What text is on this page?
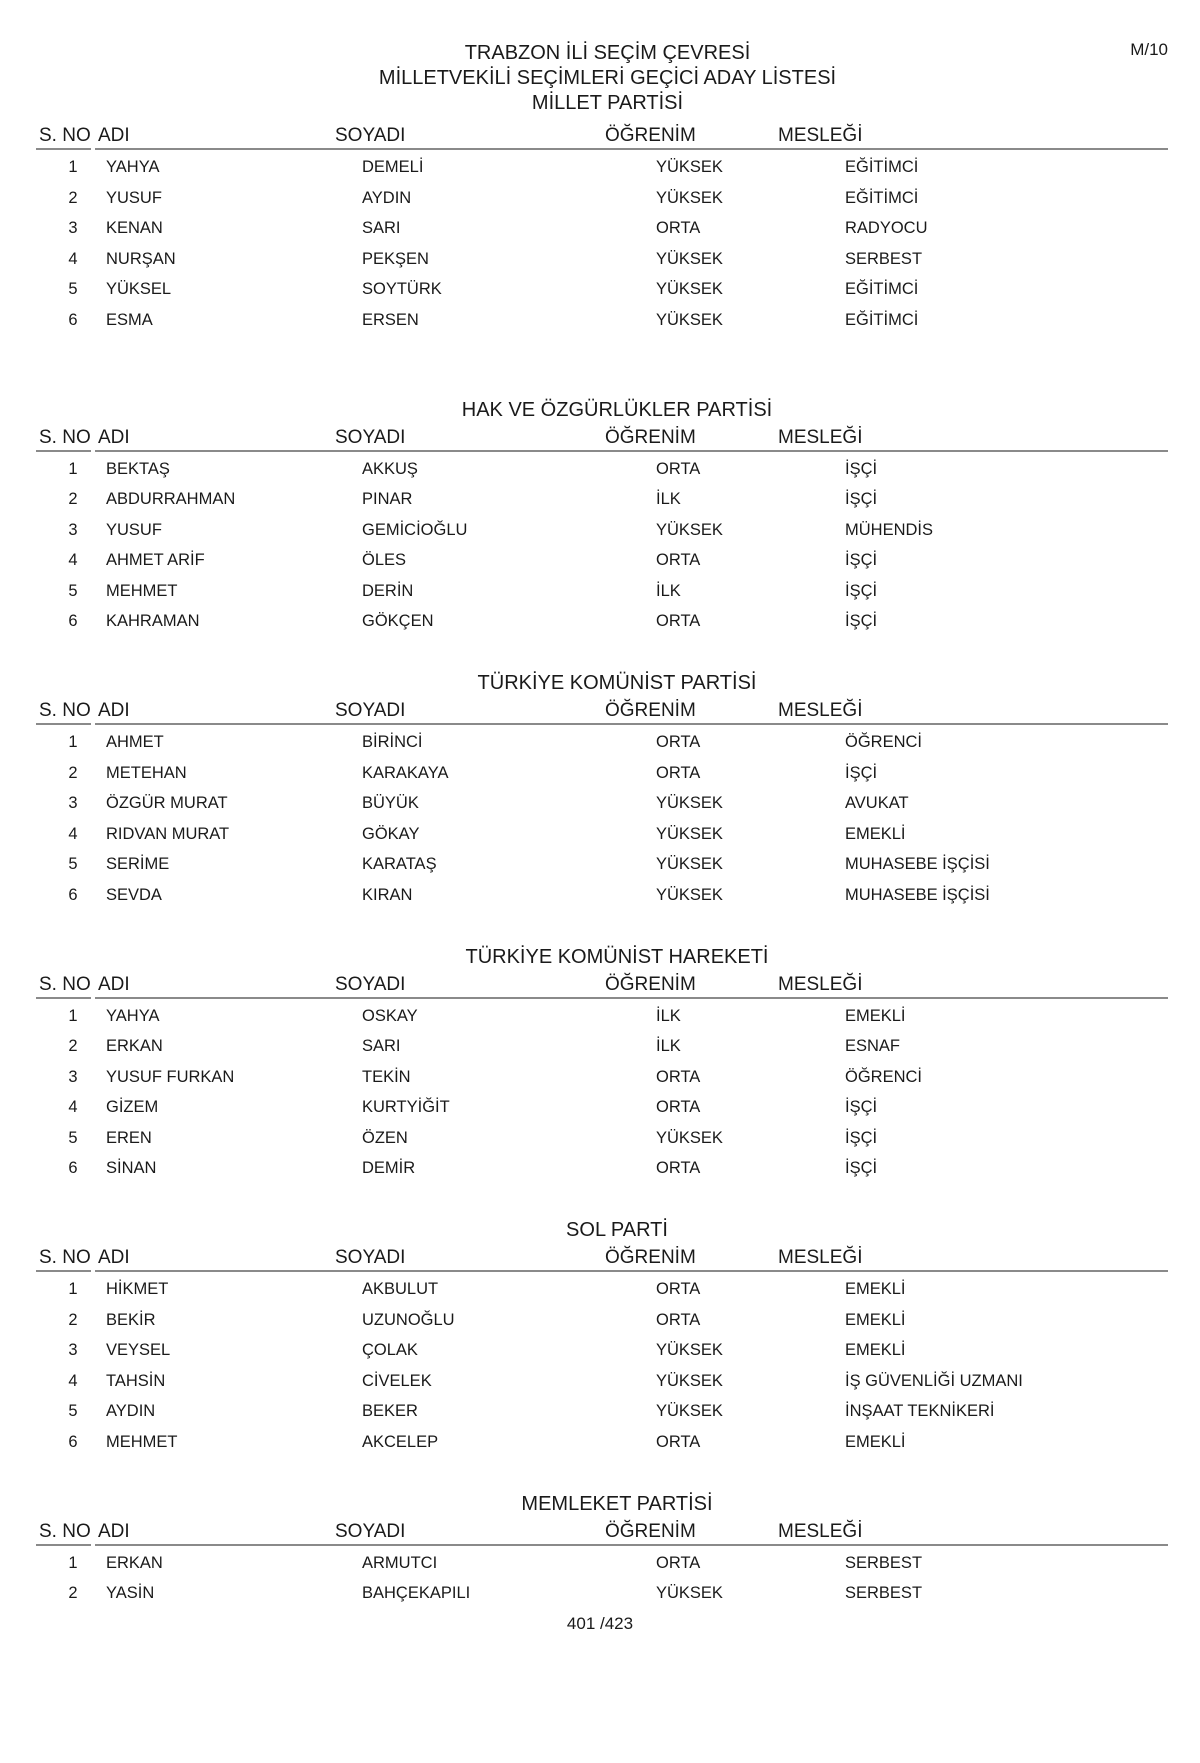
M/10
TRABZON İLİ SEÇİM ÇEVRESİ
MİLLETVEKİLİ SEÇİMLERİ GEÇİCİ ADAY LİSTESİ
MİLLET PARTİSİ
S. NO ADI	SOYADI	ÖĞRENİM	MESLEĞİ
1	YAHYA	DEMELİ	YÜKSEK	EĞİTİMCİ
2	YUSUF	AYDIN	YÜKSEK	EĞİTİMCİ
3	KENAN	SARI	ORTA	RADYOCU
4	NURŞAN	PEKŞEN	YÜKSEK	SERBEST
5	YÜKSEL	SOYTÜRK	YÜKSEK	EĞİTİMCİ
6	ESMA	ERSEN	YÜKSEK	EĞİTİMCİ
HAK VE ÖZGÜRLÜKLER PARTİSİ
S. NO ADI	SOYADI	ÖĞRENİM	MESLEĞİ
1	BEKTAŞ	AKKUŞ	ORTA	İŞÇİ
2	ABDURRAHMAN	PINAR	İLK	İŞÇİ
3	YUSUF	GEMİCİOĞLU	YÜKSEK	MÜHENDİS
4	AHMET ARİF	ÖLES	ORTA	İŞÇİ
5	MEHMET	DERİN	İLK	İŞÇİ
6	KAHRAMAN	GÖKÇEN	ORTA	İŞÇİ
TÜRKİYE KOMÜNİST PARTİSİ
S. NO ADI	SOYADI	ÖĞRENİM	MESLEĞİ
1	AHMET	BİRİNCİ	ORTA	ÖĞRENCİ
2	METEHAN	KARAKAYA	ORTA	İŞÇİ
3	ÖZGÜR MURAT	BÜYÜK	YÜKSEK	AVUKAT
4	RIDVAN MURAT	GÖKAY	YÜKSEK	EMEKLİ
5	SERİME	KARATAŞ	YÜKSEK	MUHASEBE İŞÇİSİ
6	SEVDA	KIRAN	YÜKSEK	MUHASEBE İŞÇİSİ
TÜRKİYE KOMÜNİST HAREKETİ
S. NO ADI	SOYADI	ÖĞRENİM	MESLEĞİ
1	YAHYA	OSKAY	İLK	EMEKLİ
2	ERKAN	SARI	İLK	ESNAF
3	YUSUF FURKAN	TEKİN	ORTA	ÖĞRENCİ
4	GİZEM	KURTYİĞİT	ORTA	İŞÇİ
5	EREN	ÖZEN	YÜKSEK	İŞÇİ
6	SİNAN	DEMİR	ORTA	İŞÇİ
SOL PARTİ
S. NO ADI	SOYADI	ÖĞRENİM	MESLEĞİ
1	HİKMET	AKBULUT	ORTA	EMEKLİ
2	BEKİR	UZUNOĞLU	ORTA	EMEKLİ
3	VEYSEL	ÇOLAK	YÜKSEK	EMEKLİ
4	TAHSİN	CİVELEK	YÜKSEK	İŞ GÜVENLİĞİ UZMANI
5	AYDIN	BEKER	YÜKSEK	İNŞAAT TEKNİKERİ
6	MEHMET	AKCELEP	ORTA	EMEKLİ
MEMLEKET PARTİSİ
S. NO ADI	SOYADI	ÖĞRENİM	MESLEĞİ
1	ERKAN	ARMUTCI	ORTA	SERBEST
2	YASİN	BAHÇEKAPILI	YÜKSEK	SERBEST
401 /423
